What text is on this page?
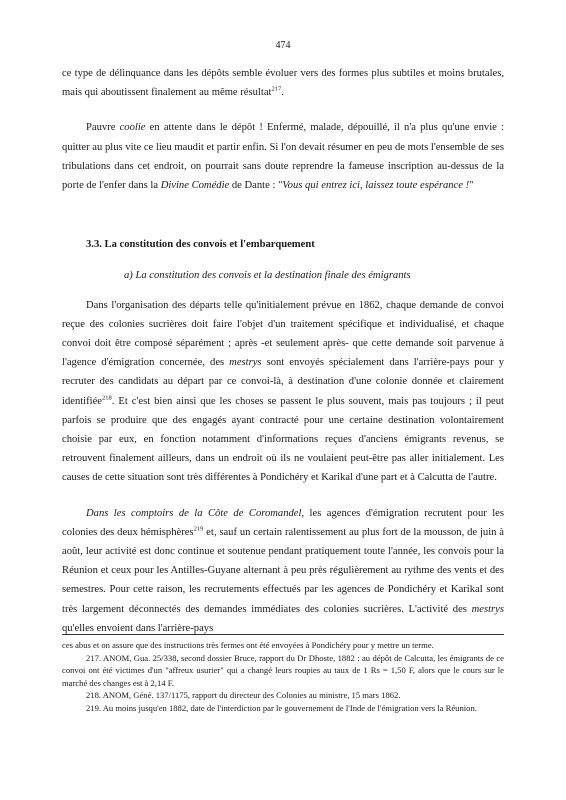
474

ce type de délinquance dans les dépôts semble évoluer vers des formes plus subtiles et moins brutales, mais qui aboutissent finalement au même résultat$^{217}$.

Pauvre coolie en attente dans le dépôt ! Enfermé, malade, dépouillé, il n'a plus qu'une envie : quitter au plus vite ce lieu maudit et partir enfin. Si l'on devait résumer en peu de mots l'ensemble de ses tribulations dans cet endroit, on pourrait sans doute reprendre la fameuse inscription au-dessus de la porte de l'enfer dans la Divine Comédie de Dante : "Vous qui entrez ici, laissez toute espérance !"

3.3. La constitution des convois et l'embarquement

a) La constitution des convois et la destination finale des émigrants

Dans l'organisation des départs telle qu'initialement prévue en 1862, chaque demande de convoi reçue des colonies sucrières doit faire l'objet d'un traitement spécifique et individualisé, et chaque convoi doit être composé séparément ; après -et seulement après- que cette demande soit parvenue à l'agence d'émigration concernée, des mestrys sont envoyés spécialement dans l'arrière-pays pour y recruter des candidats au départ par ce convoi-là, à destination d'une colonie donnée et clairement identifiée$^{218}$. Et c'est bien ainsi que les choses se passent le plus souvent, mais pas toujours ; il peut parfois se produire que des engagés ayant contracté pour une certaine destination volontairement choisie par eux, en fonction notamment d'informations reçues d'anciens émigrants revenus, se retrouvent finalement ailleurs, dans un endroit où ils ne voulaient peut-être pas aller initialement. Les causes de cette situation sont très différentes à Pondichéry et Karikal d'une part et à Calcutta de l'autre.

Dans les comptoirs de la Côte de Coromandel, les agences d'émigration recrutent pour les colonies des deux hémisphères$^{219}$ et, sauf un certain ralentissement au plus fort de la mousson, de juin à août, leur activité est donc continue et soutenue pendant pratiquement toute l'année, les convois pour la Réunion et ceux pour les Antilles-Guyane alternant à peu près régulièrement au rythme des vents et des semestres. Pour cette raison, les recrutements effectués par les agences de Pondichéry et Karikal sont très largement déconnectés des demandes immédiates des colonies sucrières. L'activité des mestrys qu'elles envoient dans l'arrière-pays

ces abus et on assure que des instructions très fermes ont été envoyées à Pondichéry pour y mettre un terme.

217. ANOM, Gua. 25/338, second dossier Bruce, rapport du Dr Dhoste, 1882 : au dépôt de Calcutta, les émigrants de ce convoi ont été victimes d'un "affreux usurier" qui a changé leurs roupies au taux de 1 Rs = 1,50 F, alors que le cours sur le marché des changes est à 2,14 F.

218. ANOM, Géné. 137/1175, rapport du directeur des Colonies au ministre, 15 mars 1862.

219. Au moins jusqu'en 1882, date de l'interdiction par le gouvernement de l'Inde de l'émigration vers la Réunion.
